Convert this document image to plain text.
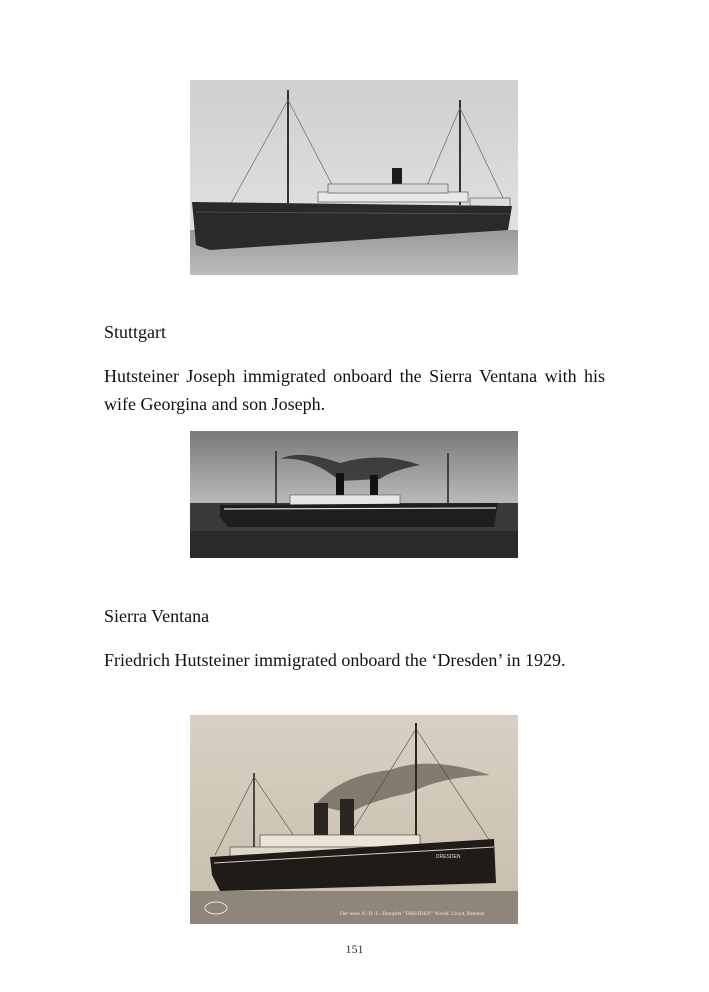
Stuttgart

Hutsteiner Joseph immigrated onboard the Sierra Ventana with his wife Georgina and son Joseph.

Sierra Ventana

Friedrich Hutsteiner immigrated onboard the ‘Dresden’ in 1929.

DRESDEN
Der neue N.-D.-L.-Dampfer "DRESDEN" Nordd. Lloyd, Bremen
151
